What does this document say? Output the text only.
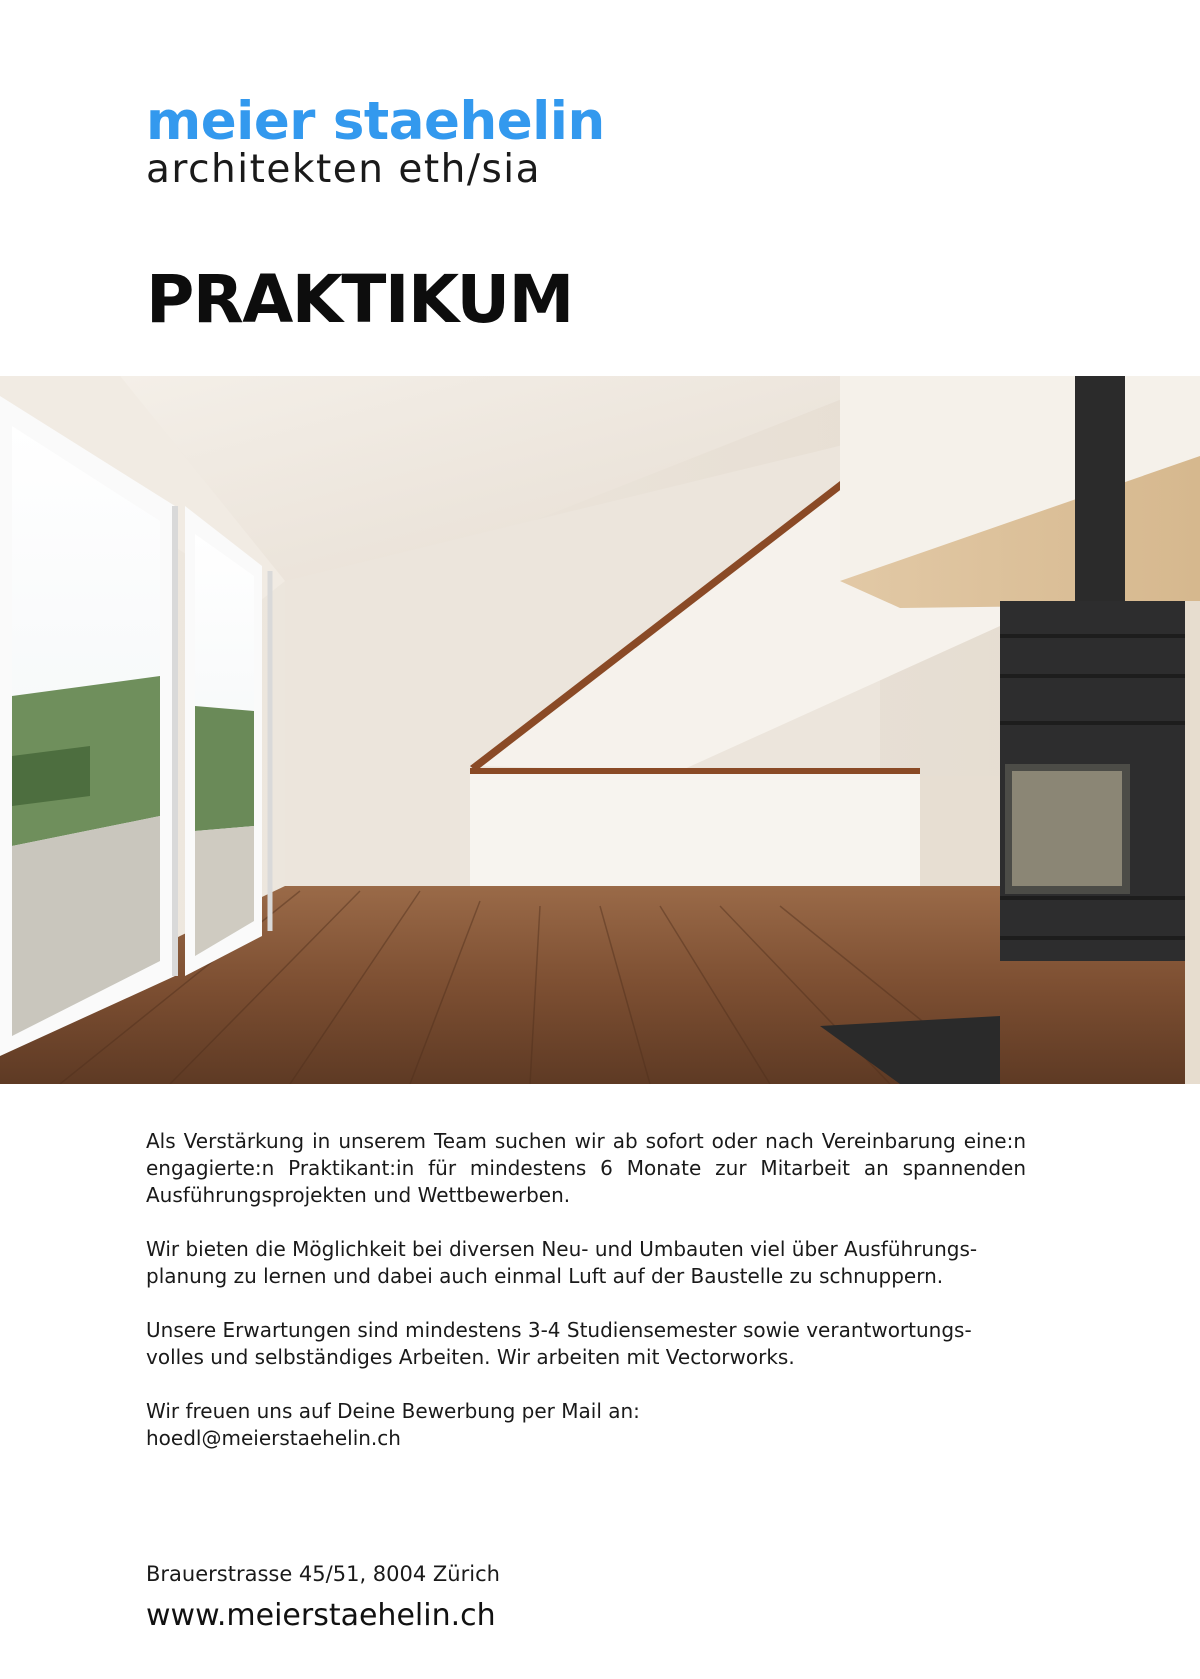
meier staehelin
architekten eth/sia
PRAKTIKUM

Als Verstärkung in unserem Team suchen wir ab sofort oder nach Vereinbarung eine:n engagierte:n Praktikant:in für mindestens 6 Monate zur Mitarbeit an spannenden Ausführungsprojekten und Wettbewerben.

Wir bieten die Möglichkeit bei diversen Neu- und Umbauten viel über Ausführungs-
planung zu lernen und dabei auch einmal Luft auf der Baustelle zu schnuppern.

Unsere Erwartungen sind mindestens 3-4 Studiensemester sowie verantwortungs-
volles und selbständiges Arbeiten. Wir arbeiten mit Vectorworks.

Wir freuen uns auf Deine Bewerbung per Mail an:
hoedl@meierstaehelin.ch

Brauerstrasse 45/51, 8004 Zürich
www.meierstaehelin.ch
